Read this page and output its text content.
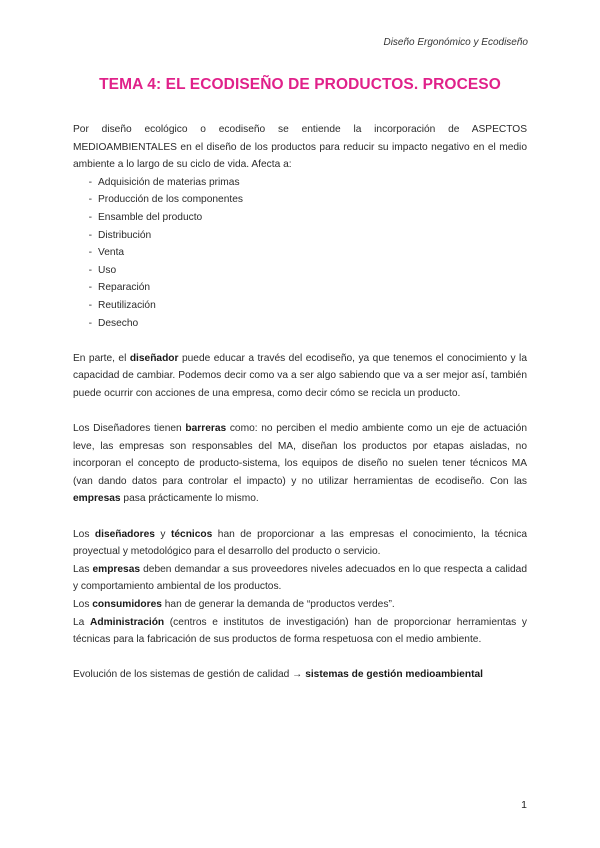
Diseño Ergonómico y Ecodiseño
TEMA 4: EL ECODISEÑO DE PRODUCTOS. PROCESO

Por diseño ecológico o ecodiseño se entiende la incorporación de ASPECTOS MEDIOAMBIENTALES en el diseño de los productos para reducir su impacto negativo en el medio ambiente a lo largo de su ciclo de vida. Afecta a:

- Adquisición de materias primas
- Producción de los componentes
- Ensamble del producto
- Distribución
- Venta
- Uso
- Reparación
- Reutilización
- Desecho

En parte, el diseñador puede educar a través del ecodiseño, ya que tenemos el conocimiento y la capacidad de cambiar. Podemos decir como va a ser algo sabiendo que va a ser mejor así, también puede ocurrir con acciones de una empresa, como decir cómo se recicla un producto.

Los Diseñadores tienen barreras como: no perciben el medio ambiente como un eje de actuación leve, las empresas son responsables del MA, diseñan los productos por etapas aisladas, no incorporan el concepto de producto-sistema, los equipos de diseño no suelen tener técnicos MA (van dando datos para controlar el impacto) y no utilizar herramientas de ecodiseño. Con las empresas pasa prácticamente lo mismo.

Los diseñadores y técnicos han de proporcionar a las empresas el conocimiento, la técnica proyectual y metodológico para el desarrollo del producto o servicio.

Las empresas deben demandar a sus proveedores niveles adecuados en lo que respecta a calidad y comportamiento ambiental de los productos.

Los consumidores han de generar la demanda de “productos verdes”.

La Administración (centros e institutos de investigación) han de proporcionar herramientas y técnicas para la fabricación de sus productos de forma respetuosa con el medio ambiente.

Evolución de los sistemas de gestión de calidad → sistemas de gestión medioambiental

1
